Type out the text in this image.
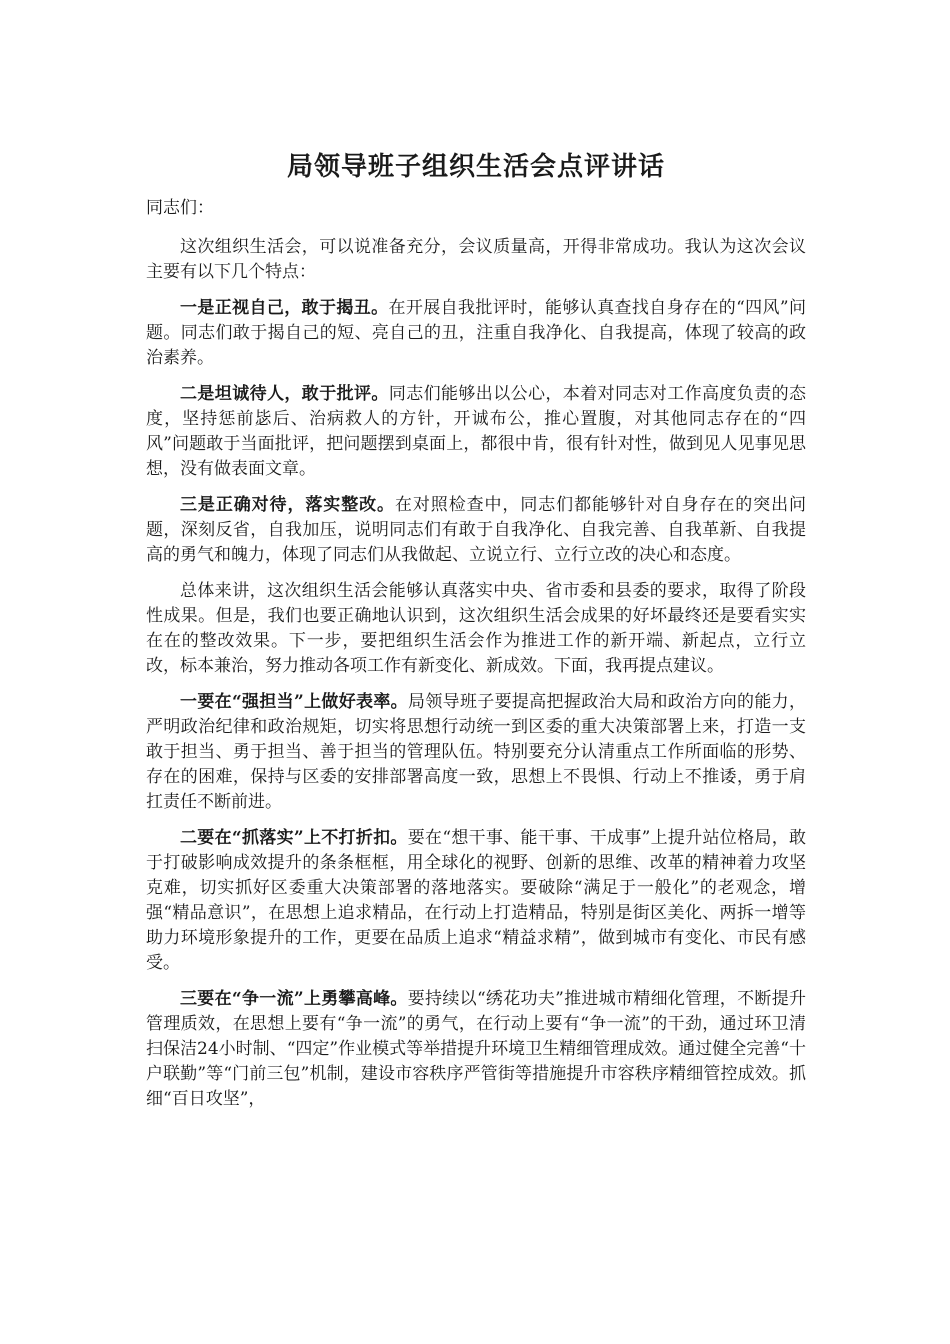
局领导班子组织生活会点评讲话

同志们：

这次组织生活会，可以说准备充分，会议质量高，开得非常成功。我认为这次会议主要有以下几个特点：

一是正视自己，敢于揭丑。在开展自我批评时，能够认真查找自身存在的“四风”问题。同志们敢于揭自己的短、亮自己的丑，注重自我净化、自我提高，体现了较高的政治素养。

二是坦诚待人，敢于批评。同志们能够出以公心，本着对同志对工作高度负责的态度，坚持惩前毖后、治病救人的方针，开诚布公，推心置腹，对其他同志存在的“四风”问题敢于当面批评，把问题摆到桌面上，都很中肯，很有针对性，做到见人见事见思想，没有做表面文章。

三是正确对待，落实整改。在对照检查中，同志们都能够针对自身存在的突出问题，深刻反省，自我加压，说明同志们有敢于自我净化、自我完善、自我革新、自我提高的勇气和魄力，体现了同志们从我做起、立说立行、立行立改的决心和态度。

总体来讲，这次组织生活会能够认真落实中央、省市委和县委的要求，取得了阶段性成果。但是，我们也要正确地认识到，这次组织生活会成果的好坏最终还是要看实实在在的整改效果。下一步，要把组织生活会作为推进工作的新开端、新起点，立行立改，标本兼治，努力推动各项工作有新变化、新成效。下面，我再提点建议。

一要在“强担当”上做好表率。局领导班子要提高把握政治大局和政治方向的能力，严明政治纪律和政治规矩，切实将思想行动统一到区委的重大决策部署上来，打造一支敢于担当、勇于担当、善于担当的管理队伍。特别要充分认清重点工作所面临的形势、存在的困难，保持与区委的安排部署高度一致，思想上不畏惧、行动上不推诿，勇于肩扛责任不断前进。

二要在“抓落实”上不打折扣。要在“想干事、能干事、干成事”上提升站位格局，敢于打破影响成效提升的条条框框，用全球化的视野、创新的思维、改革的精神着力攻坚克难，切实抓好区委重大决策部署的落地落实。要破除“满足于一般化”的老观念，增强“精品意识”，在思想上追求精品，在行动上打造精品，特别是街区美化、两拆一增等助力环境形象提升的工作，更要在品质上追求“精益求精”，做到城市有变化、市民有感受。

三要在“争一流”上勇攀高峰。要持续以“绣花功夫”推进城市精细化管理，不断提升管理质效，在思想上要有“争一流”的勇气，在行动上要有“争一流”的干劲，通过环卫清扫保洁24小时制、“四定”作业模式等举措提升环境卫生精细管理成效。通过健全完善“十户联勤”等“门前三包”机制，建设市容秩序严管街等措施提升市容秩序精细管控成效。抓细“百日攻坚”，
